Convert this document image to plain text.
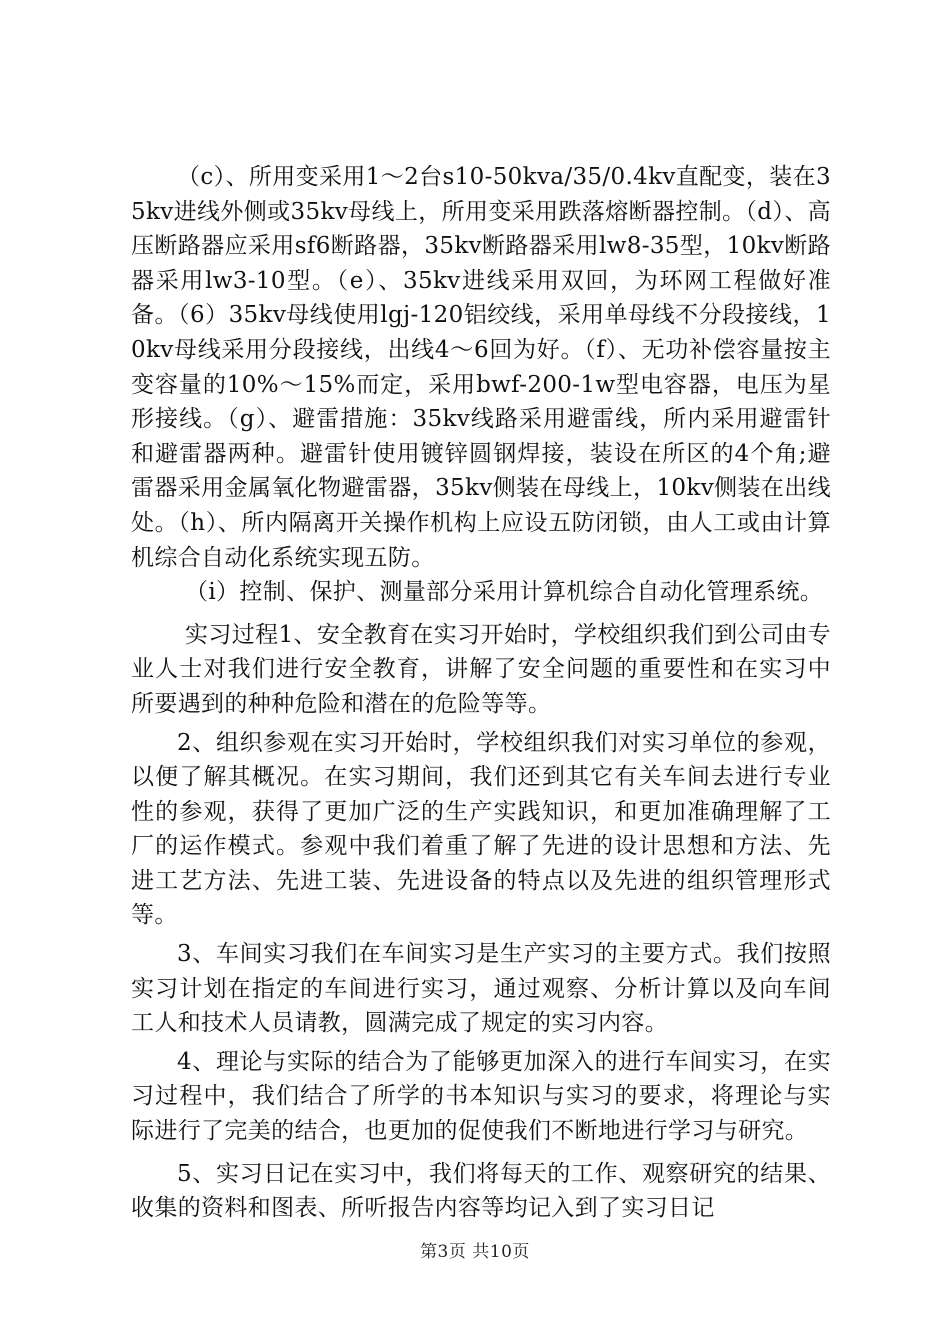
（c）、所用变采用1～2台s10-50kva/35/0.4kv直配变，装在35kv进线外侧或35kv母线上，所用变采用跌落熔断器控制。（d）、高压断路器应采用sf6断路器，35kv断路器采用lw8-35型，10kv断路器采用lw3-10型。（e）、35kv进线采用双回，为环网工程做好准备。（6）35kv母线使用lgj-120铝绞线，采用单母线不分段接线，10kv母线采用分段接线，出线4～6回为好。（f）、无功补偿容量按主变容量的10%～15%而定，采用bwf-200-1w型电容器，电压为星形接线。（g）、避雷措施：35kv线路采用避雷线，所内采用避雷针和避雷器两种。避雷针使用镀锌圆钢焊接，装设在所区的4个角;避雷器采用金属氧化物避雷器，35kv侧装在母线上，10kv侧装在出线处。（h）、所内隔离开关操作机构上应设五防闭锁，由人工或由计算机综合自动化系统实现五防。

（i）控制、保护、测量部分采用计算机综合自动化管理系统。

实习过程1、安全教育在实习开始时，学校组织我们到公司由专业人士对我们进行安全教育，讲解了安全问题的重要性和在实习中所要遇到的种种危险和潜在的危险等等。

2、组织参观在实习开始时，学校组织我们对实习单位的参观，以便了解其概况。在实习期间，我们还到其它有关车间去进行专业性的参观，获得了更加广泛的生产实践知识，和更加准确理解了工厂的运作模式。参观中我们着重了解了先进的设计思想和方法、先进工艺方法、先进工装、先进设备的特点以及先进的组织管理形式等。

3、车间实习我们在车间实习是生产实习的主要方式。我们按照实习计划在指定的车间进行实习，通过观察、分析计算以及向车间工人和技术人员请教，圆满完成了规定的实习内容。

4、理论与实际的结合为了能够更加深入的进行车间实习，在实习过程中，我们结合了所学的书本知识与实习的要求，将理论与实际进行了完美的结合，也更加的促使我们不断地进行学习与研究。

5、实习日记在实习中，我们将每天的工作、观察研究的结果、收集的资料和图表、所听报告内容等均记入到了实习日记

第3页 共10页
